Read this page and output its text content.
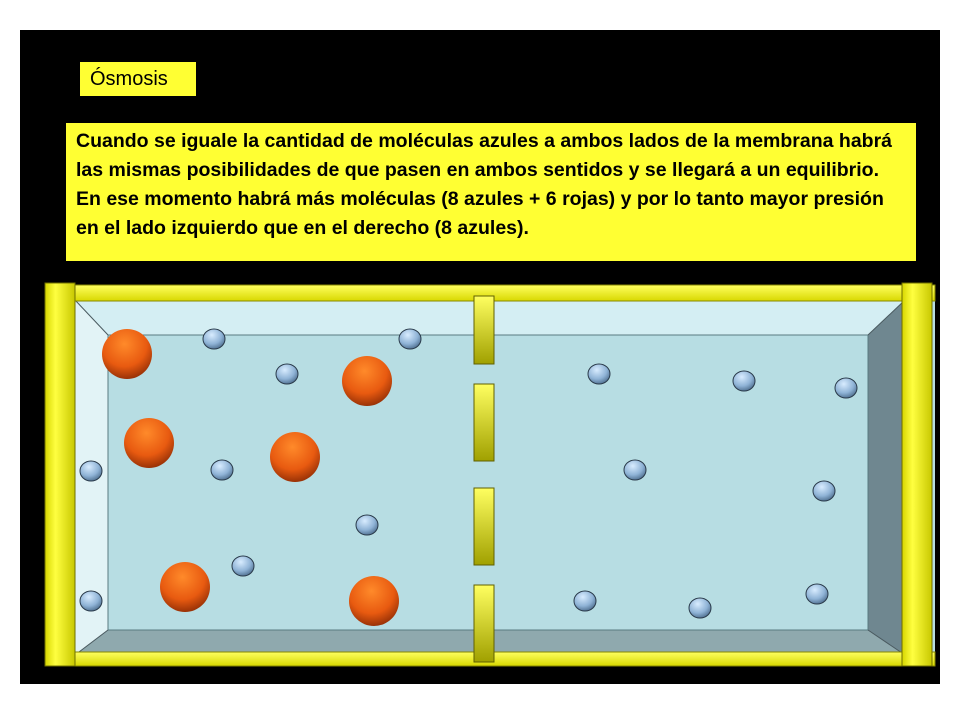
Ósmosis
Cuando se iguale la cantidad de moléculas azules a ambos lados de la membrana habrá las mismas posibilidades de que pasen en ambos sentidos y se llegará a un equilibrio. En ese momento habrá más moléculas (8 azules + 6 rojas) y por lo tanto mayor presión en el lado izquierdo que en el derecho (8 azules).
